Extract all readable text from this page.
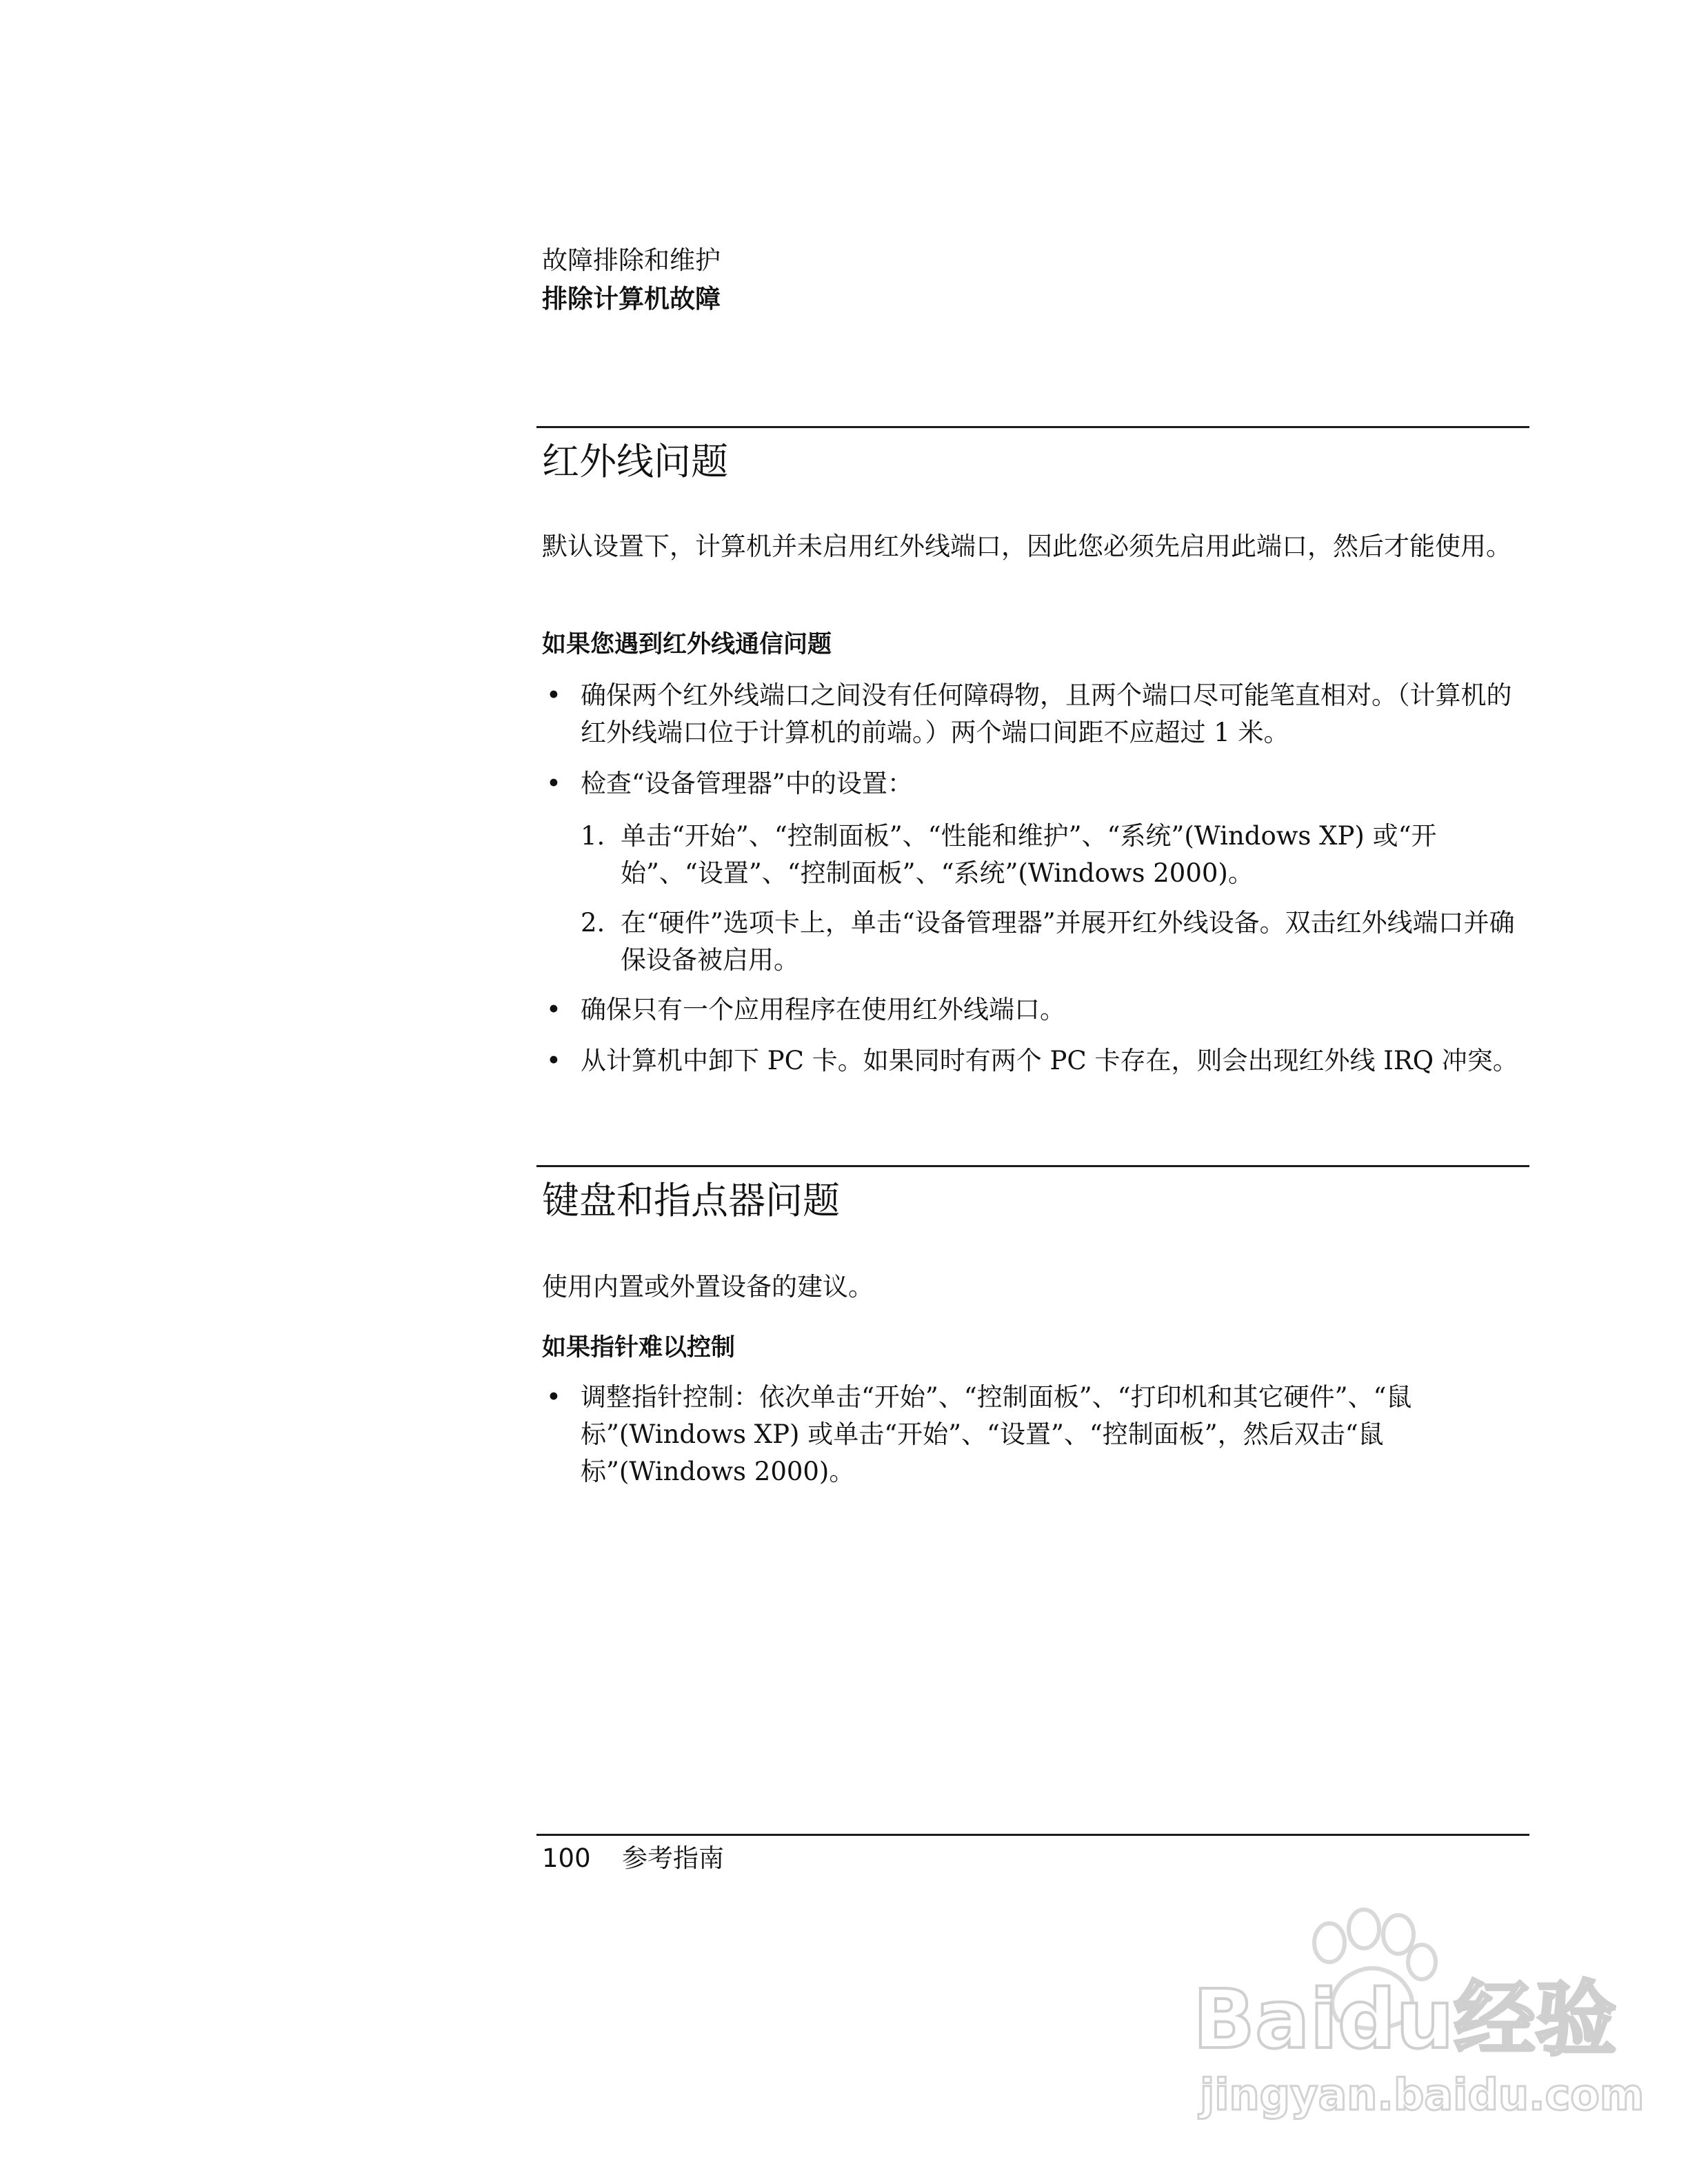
故障排除和维护
排除计算机故障
红外线问题
默认设置下，计算机并未启用红外线端口，因此您必须先启用此端口，然后才能使用。
如果您遇到红外线通信问题
• 确保两个红外线端口之间没有任何障碍物，且两个端口尽可能笔直相对。（计算机的红外线端口位于计算机的前端。）两个端口间距不应超过 1 米。
• 检查“设备管理器”中的设置：
1. 单击“开始”、“控制面板”、“性能和维护”、“系统”(Windows XP) 或“开始”、“设置”、“控制面板”、“系统”(Windows 2000)。
2. 在“硬件”选项卡上，单击“设备管理器”并展开红外线设备。双击红外线端口并确保设备被启用。
• 确保只有一个应用程序在使用红外线端口。
• 从计算机中卸下 PC 卡。如果同时有两个 PC 卡存在，则会出现红外线 IRQ 冲突。
键盘和指点器问题
使用内置或外置设备的建议。
如果指针难以控制
• 调整指针控制：依次单击“开始”、“控制面板”、“打印机和其它硬件”、“鼠标”(Windows XP) 或单击“开始”、“设置”、“控制面板”，然后双击“鼠标”(Windows 2000)。
100 参考指南
Baidu经验
jingyan.baidu.com
